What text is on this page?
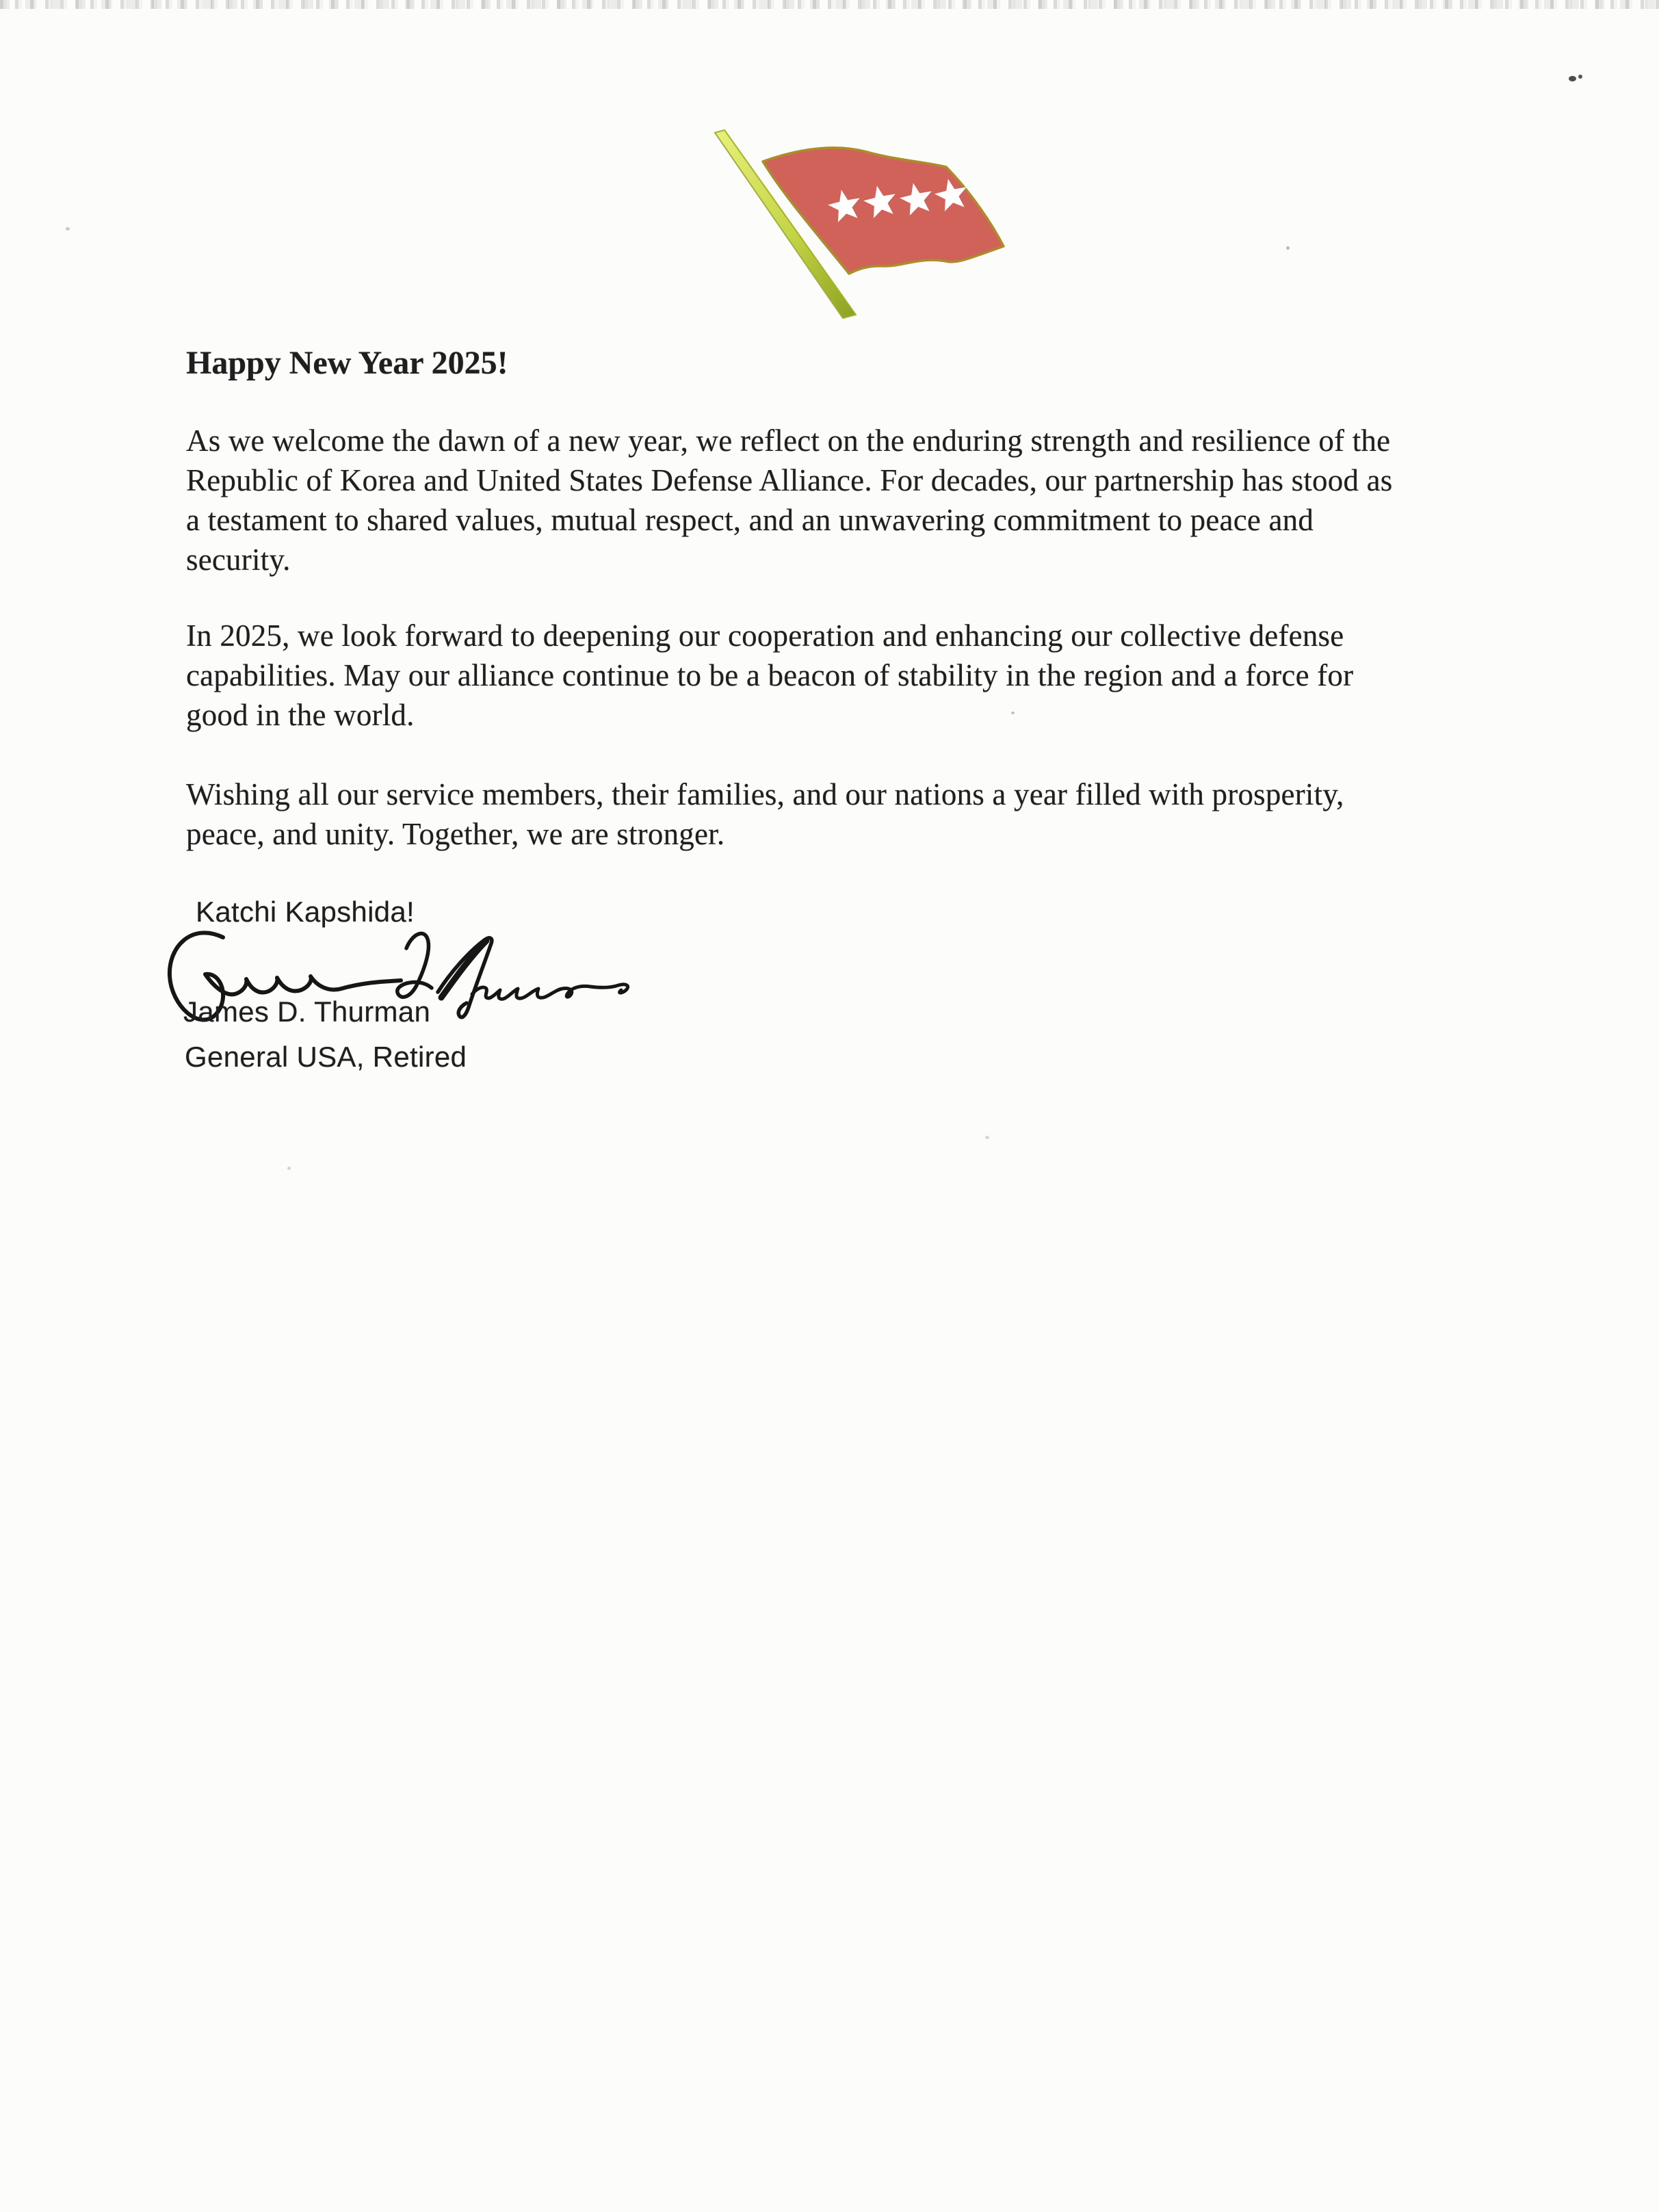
Happy New Year 2025!
As we welcome the dawn of a new year, we reflect on the enduring strength and resilience of the
Republic of Korea and United States Defense Alliance. For decades, our partnership has stood as
a testament to shared values, mutual respect, and an unwavering commitment to peace and
security.
In 2025, we look forward to deepening our cooperation and enhancing our collective defense
capabilities. May our alliance continue to be a beacon of stability in the region and a force for
good in the world.
Wishing all our service members, their families, and our nations a year filled with prosperity,
peace, and unity. Together, we are stronger.
Katchi Kapshida!
James D. Thurman
General USA, Retired
